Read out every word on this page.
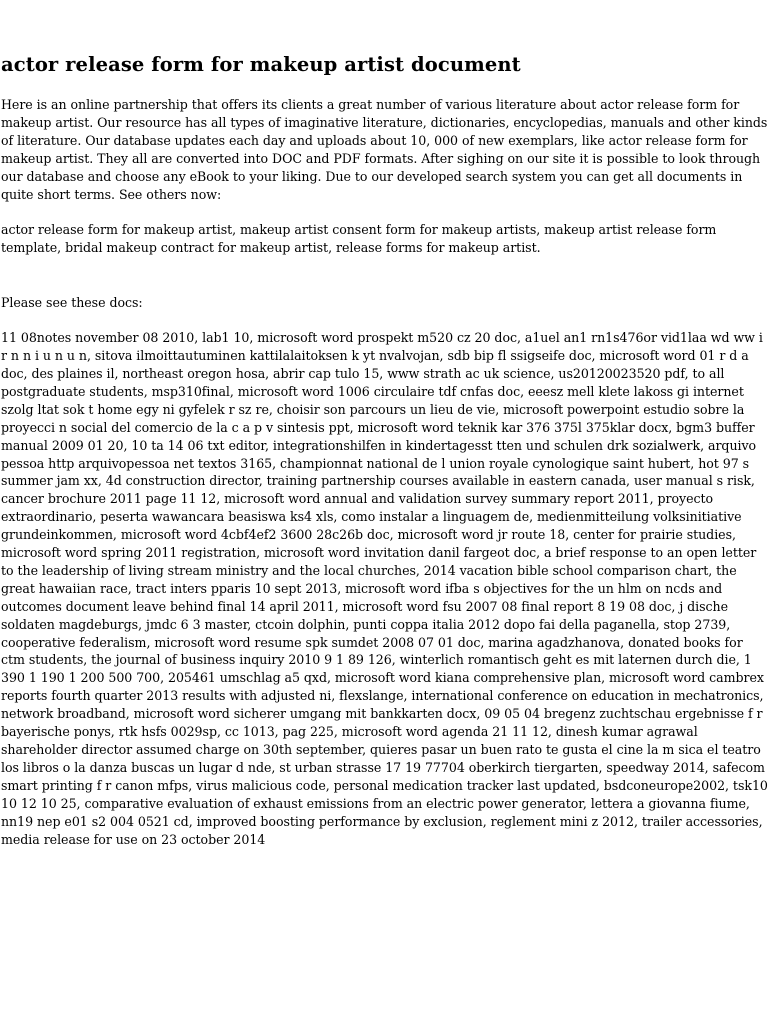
actor release form for makeup artist document

Here is an online partnership that offers its clients a great number of various literature about actor release form for makeup artist. Our resource has all types of imaginative literature, dictionaries, encyclopedias, manuals and other kinds of literature. Our database updates each day and uploads about 10, 000 of new exemplars, like actor release form for makeup artist. They all are converted into DOC and PDF formats. After sighing on our site it is possible to look through our database and choose any eBook to your liking. Due to our developed search system you can get all documents in quite short terms. See others now:

actor release form for makeup artist, makeup artist consent form for makeup artists, makeup artist release form template, bridal makeup contract for makeup artist, release forms for makeup artist.

Please see these docs:

11 08notes november 08 2010, lab1 10, microsoft word prospekt m520 cz 20 doc, a1uel an1 rn1s476or vid1laa wd ww i r n n i u n u n, sitova ilmoittautuminen kattilalaitoksen k yt nvalvojan, sdb bip fl ssigseife doc, microsoft word 01 r d a doc, des plaines il, northeast oregon hosa, abrir cap tulo 15, www strath ac uk science, us20120023520 pdf, to all postgraduate students, msp310final, microsoft word 1006 circulaire tdf cnfas doc, eeesz mell klete lakoss gi internet szolg ltat sok t home egy ni gyfelek r sz re, choisir son parcours un lieu de vie, microsoft powerpoint estudio sobre la proyecci n social del comercio de la c a p v sintesis ppt, microsoft word teknik kar 376 375l 375klar docx, bgm3 buffer manual 2009 01 20, 10 ta 14 06 txt editor, integrationshilfen in kindertagesst tten und schulen drk sozialwerk, arquivo pessoa http arquivopessoa net textos 3165, championnat national de l union royale cynologique saint hubert, hot 97 s summer jam xx, 4d construction director, training partnership courses available in eastern canada, user manual s risk, cancer brochure 2011 page 11 12, microsoft word annual and validation survey summary report 2011, proyecto extraordinario, peserta wawancara beasiswa ks4 xls, como instalar a linguagem de, medienmitteilung volksinitiative grundeinkommen, microsoft word 4cbf4ef2 3600 28c26b doc, microsoft word jr route 18, center for prairie studies, microsoft word spring 2011 registration, microsoft word invitation danil fargeot doc, a brief response to an open letter to the leadership of living stream ministry and the local churches, 2014 vacation bible school comparison chart, the great hawaiian race, tract inters pparis 10 sept 2013, microsoft word ifba s objectives for the un hlm on ncds and outcomes document leave behind final 14 april 2011, microsoft word fsu 2007 08 final report 8 19 08 doc, j dische soldaten magdeburgs, jmdc 6 3 master, ctcoin dolphin, punti coppa italia 2012 dopo fai della paganella, stop 2739, cooperative federalism, microsoft word resume spk sumdet 2008 07 01 doc, marina agadzhanova, donated books for ctm students, the journal of business inquiry 2010 9 1 89 126, winterlich romantisch geht es mit laternen durch die, 1 390 1 190 1 200 500 700, 205461 umschlag a5 qxd, microsoft word kiana comprehensive plan, microsoft word cambrex reports fourth quarter 2013 results with adjusted ni, flexslange, international conference on education in mechatronics, network broadband, microsoft word sicherer umgang mit bankkarten docx, 09 05 04 bregenz zuchtschau ergebnisse f r bayerische ponys, rtk hsfs 0029sp, cc 1013, pag 225, microsoft word agenda 21 11 12, dinesh kumar agrawal shareholder director assumed charge on 30th september, quieres pasar un buen rato te gusta el cine la m sica el teatro los libros o la danza buscas un lugar d nde, st urban strasse 17 19 77704 oberkirch tiergarten, speedway 2014, safecom smart printing f r canon mfps, virus malicious code, personal medication tracker last updated, bsdconeurope2002, tsk10 10 12 10 25, comparative evaluation of exhaust emissions from an electric power generator, lettera a giovanna fiume, nn19 nep e01 s2 004 0521 cd, improved boosting performance by exclusion, reglement mini z 2012, trailer accessories, media release for use on 23 october 2014
